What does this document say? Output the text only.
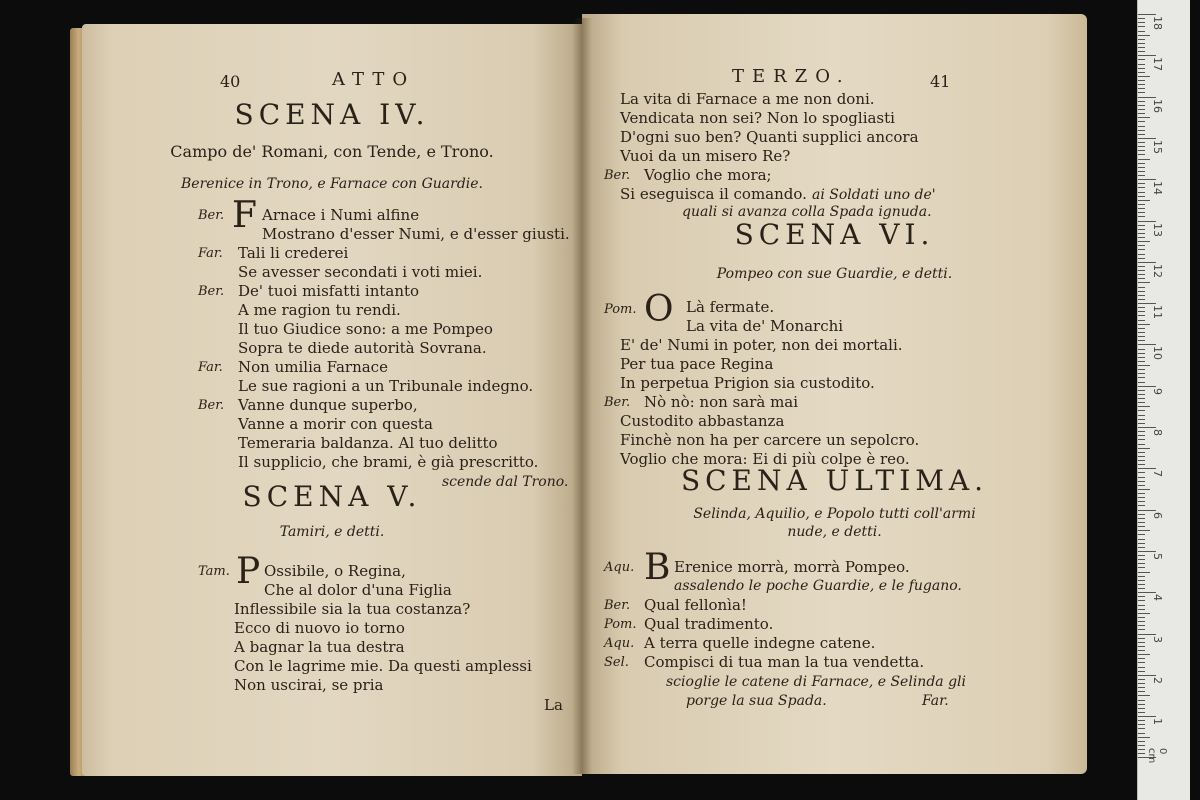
40	ATTO
SCENA IV.
Campo de' Romani, con Tende, e Trono.
Berenice in Trono, e Farnace con Guardie.
Ber. F Arnace i Numi alfine
Mostrano d'esser Numi, e d'esser giusti.
Far.	Tali li crederei
Se avesser secondati i voti miei.
Ber. De' tuoi misfatti intanto
A me ragion tu rendi.
Il tuo Giudice sono: a me Pompeo
Sopra te diede autorità Sovrana.
Far.	Non umilia Farnace
Le sue ragioni a un Tribunale indegno.
Ber. Vanne dunque superbo,
Vanne a morir con questa
Temeraria baldanza. Al tuo delitto
Il supplicio, che brami, è già prescritto.
scende dal Trono.
SCENA V.
Tamiri, e detti.
Tam. P Ossibile, o Regina,
Che al dolor d'una Figlia
Inflessibile sia la tua costanza?
Ecco di nuovo io torno
A bagnar la tua destra
Con le lagrime mie. Da questi amplessi
Non uscirai, se pria
La
TERZO.	41
La vita di Farnace a me non doni.
Vendicata non sei? Non lo spogliasti
D'ogni suo ben? Quanti supplici ancora
Vuoi da un misero Re?
Ber. Voglio che mora;
Si eseguisca il comando. ai Soldati uno de'
quali si avanza colla Spada ignuda.
SCENA VI.
Pompeo con sue Guardie, e detti.
Pom. O Là fermate.
La vita de' Monarchi
E' de' Numi in poter, non dei mortali.
Per tua pace Regina
In perpetua Prigion sia custodito.
Ber. Nò nò: non sarà mai
Custodito abbastanza
Finchè non ha per carcere un sepolcro.
Voglio che mora: Ei di più colpe è reo.
SCENA ULTIMA.
Selinda, Aquilio, e Popolo tutti coll'armi
nude, e detti.
Aqu. B Erenice morrà, morrà Pompeo.
assalendo le poche Guardie, e le fugano.
Ber. Qual fellonìa!
Pom. Qual tradimento.
Aqu. A terra quelle indegne catene.
Sel.	Compisci di tua man la tua vendetta.
scioglie le catene di Farnace, e Selinda gli
porge la sua Spada.	Far.
18
17
16
15
14
13
12
11
10
9
8
7
6
5
4
3
2
1
0 cm
